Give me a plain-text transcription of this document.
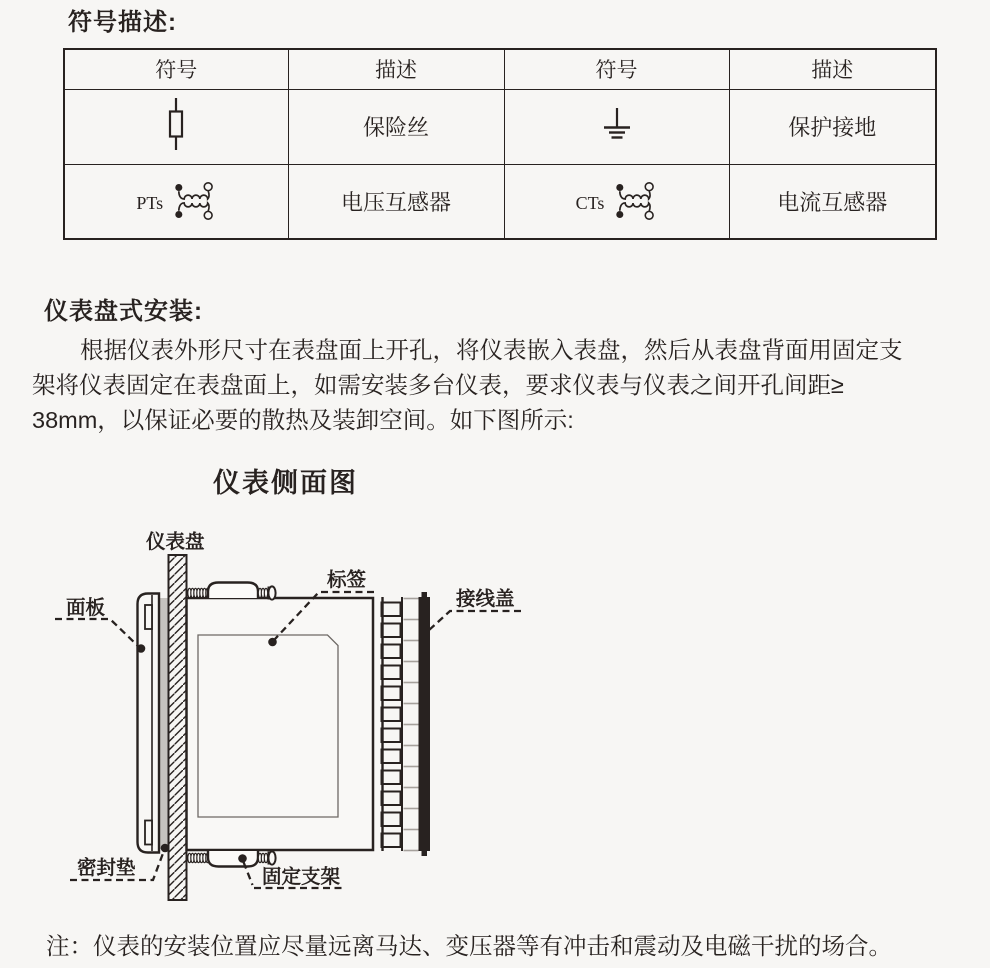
符号描述:
符号	描述	符号	描述
	保险丝		保护接地

PTs	电压互感器	CTs	电流互感器
仪表盘式安装:
根据仪表外形尺寸在表盘面上开孔，将仪表嵌入表盘，然后从表盘背面用固定支
架将仪表固定在表盘面上，如需安装多台仪表，要求仪表与仪表之间开孔间距≥
38mm，以保证必要的散热及装卸空间。如下图所示:
仪表侧面图
仪表盘
面板
标签
接线盖
密封垫	固定支架
注：仪表的安装位置应尽量远离马达、变压器等有冲击和震动及电磁干扰的场合。
